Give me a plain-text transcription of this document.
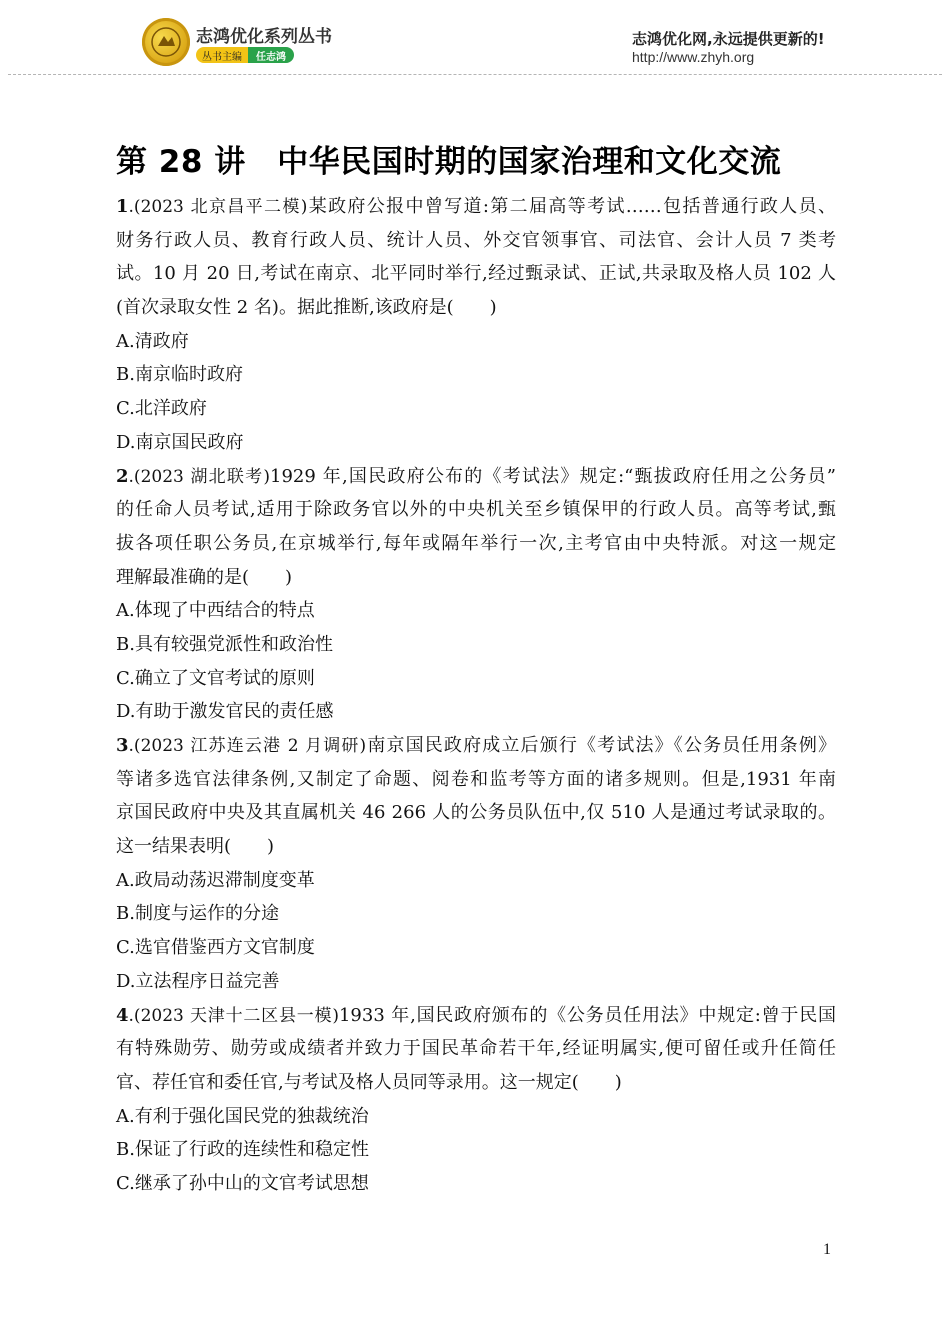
志鸿优化系列丛书
丛书主编	任志鸿
志鸿优化网,永远提供更新的!
http://www.zhyh.org
第 28 讲　中华民国时期的国家治理和文化交流
1.(2023 北京昌平二模)某政府公报中曾写道:第二届高等考试……包括普通行政人员、
财务行政人员、教育行政人员、统计人员、外交官领事官、司法官、会计人员 7 类考
试。10 月 20 日,考试在南京、北平同时举行,经过甄录试、正试,共录取及格人员 102 人
(首次录取女性 2 名)。据此推断,该政府是(　　)
A.清政府
B.南京临时政府
C.北洋政府
D.南京国民政府
2.(2023 湖北联考)1929 年,国民政府公布的《考试法》规定:“甄拔政府任用之公务员”
的任命人员考试,适用于除政务官以外的中央机关至乡镇保甲的行政人员。高等考试,甄
拔各项任职公务员,在京城举行,每年或隔年举行一次,主考官由中央特派。对这一规定
理解最准确的是(　　)
A.体现了中西结合的特点
B.具有较强党派性和政治性
C.确立了文官考试的原则
D.有助于激发官民的责任感
3.(2023 江苏连云港 2 月调研)南京国民政府成立后颁行《考试法》《公务员任用条例》
等诸多选官法律条例,又制定了命题、阅卷和监考等方面的诸多规则。但是,1931 年南
京国民政府中央及其直属机关 46 266 人的公务员队伍中,仅 510 人是通过考试录取的。
这一结果表明(　　)
A.政局动荡迟滞制度变革
B.制度与运作的分途
C.选官借鉴西方文官制度
D.立法程序日益完善
4.(2023 天津十二区县一模)1933 年,国民政府颁布的《公务员任用法》中规定:曾于民国
有特殊勋劳、勋劳或成绩者并致力于国民革命若干年,经证明属实,便可留任或升任简任
官、荐任官和委任官,与考试及格人员同等录用。这一规定(　　)
A.有利于强化国民党的独裁统治
B.保证了行政的连续性和稳定性
C.继承了孙中山的文官考试思想
1
